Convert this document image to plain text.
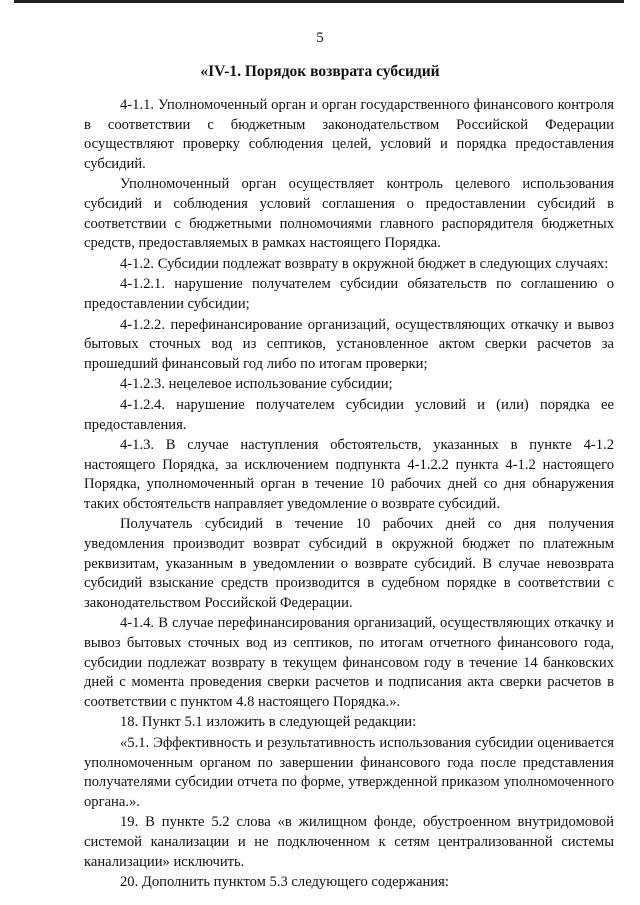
5
«IV-1. Порядок возврата субсидий

4-1.1. Уполномоченный орган и орган государственного финансового контроля в соответствии с бюджетным законодательством Российской Федерации осуществляют проверку соблюдения целей, условий и порядка предоставления субсидий.

Уполномоченный орган осуществляет контроль целевого использования субсидий и соблюдения условий соглашения о предоставлении субсидий в соответствии с бюджетными полномочиями главного распорядителя бюджетных средств, предоставляемых в рамках настоящего Порядка.

4-1.2. Субсидии подлежат возврату в окружной бюджет в следующих случаях:

4-1.2.1. нарушение получателем субсидии обязательств по соглашению о предоставлении субсидии;

4-1.2.2. перефинансирование организаций, осуществляющих откачку и вывоз бытовых сточных вод из септиков, установленное актом сверки расчетов за прошедший финансовый год либо по итогам проверки;

4-1.2.3. нецелевое использование субсидии;

4-1.2.4. нарушение получателем субсидии условий и (или) порядка ее предоставления.

4-1.3. В случае наступления обстоятельств, указанных в пункте 4-1.2 настоящего Порядка, за исключением подпункта 4-1.2.2 пункта 4-1.2 настоящего Порядка, уполномоченный орган в течение 10 рабочих дней со дня обнаружения таких обстоятельств направляет уведомление о возврате субсидий.

Получатель субсидий в течение 10 рабочих дней со дня получения уведомления производит возврат субсидий в окружной бюджет по платежным реквизитам, указанным в уведомлении о возврате субсидий. В случае невозврата субсидий взыскание средств производится в судебном порядке в соответствии с законодательством Российской Федерации.

4-1.4. В случае перефинансирования организаций, осуществляющих откачку и вывоз бытовых сточных вод из септиков, по итогам отчетного финансового года, субсидии подлежат возврату в текущем финансовом году в течение 14 банковских дней с момента проведения сверки расчетов и подписания акта сверки расчетов в соответствии с пунктом 4.8 настоящего Порядка.».

18. Пункт 5.1 изложить в следующей редакции:

«5.1. Эффективность и результативность использования субсидии оценивается уполномоченным органом по завершении финансового года после представления получателями субсидии отчета по форме, утвержденной приказом уполномоченного органа.».

19. В пункте 5.2 слова «в жилищном фонде, обустроенном внутридомовой системой канализации и не подключенном к сетям централизованной системы канализации» исключить.

20. Дополнить пунктом 5.3 следующего содержания:
